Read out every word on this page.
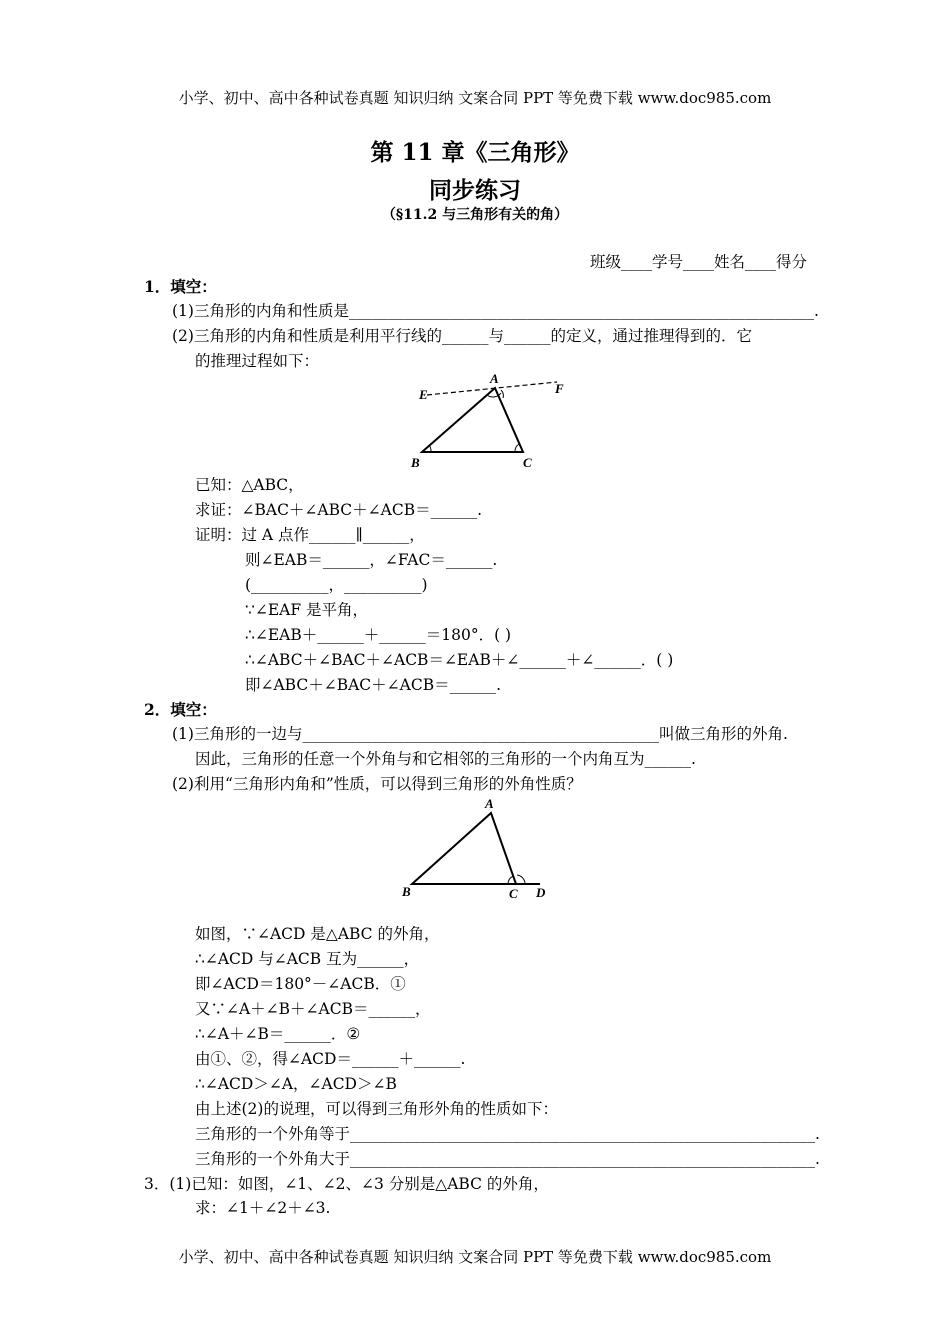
小学、初中、高中各种试卷真题 知识归纳 文案合同 PPT 等免费下载 www.doc985.com
第 11 章《三角形》
同步练习
（§11.2 与三角形有关的角）
班级____学号____姓名____得分
1．填空：
(1)三角形的内角和性质是____________________________________________________________.
(2)三角形的内角和性质是利用平行线的______与______的定义，通过推理得到的．它
的推理过程如下：
E
A
F
B	C
已知：△ABC，
求证：∠BAC＋∠ABC＋∠ACB＝______.
证明：过 A 点作______∥______，
则∠EAB＝______，∠FAC＝______.
(__________，__________)
∵∠EAF 是平角，
∴∠EAB＋______＋______＝180°．( )
∴∠ABC＋∠BAC＋∠ACB＝∠EAB＋∠______＋∠______．( )
即∠ABC＋∠BAC＋∠ACB＝______.
2．填空：
(1)三角形的一边与______________________________________________叫做三角形的外角.
因此，三角形的任意一个外角与和它相邻的三角形的一个内角互为______.
(2)利用“三角形内角和”性质，可以得到三角形的外角性质？
A
B	C D
如图，∵∠ACD 是△ABC 的外角，
∴∠ACD 与∠ACB 互为______，
即∠ACD＝180°－∠ACB．①
又∵∠A＋∠B＋∠ACB＝______，
∴∠A＋∠B＝______．②
由①、②，得∠ACD＝______＋______.
∴∠ACD＞∠A，∠ACD＞∠B
由上述(2)的说理，可以得到三角形外角的性质如下：
三角形的一个外角等于____________________________________________________________.
三角形的一个外角大于____________________________________________________________.
3．(1)已知：如图，∠1、∠2、∠3 分别是△ABC 的外角，
求：∠1＋∠2＋∠3.
小学、初中、高中各种试卷真题 知识归纳 文案合同 PPT 等免费下载 www.doc985.com
